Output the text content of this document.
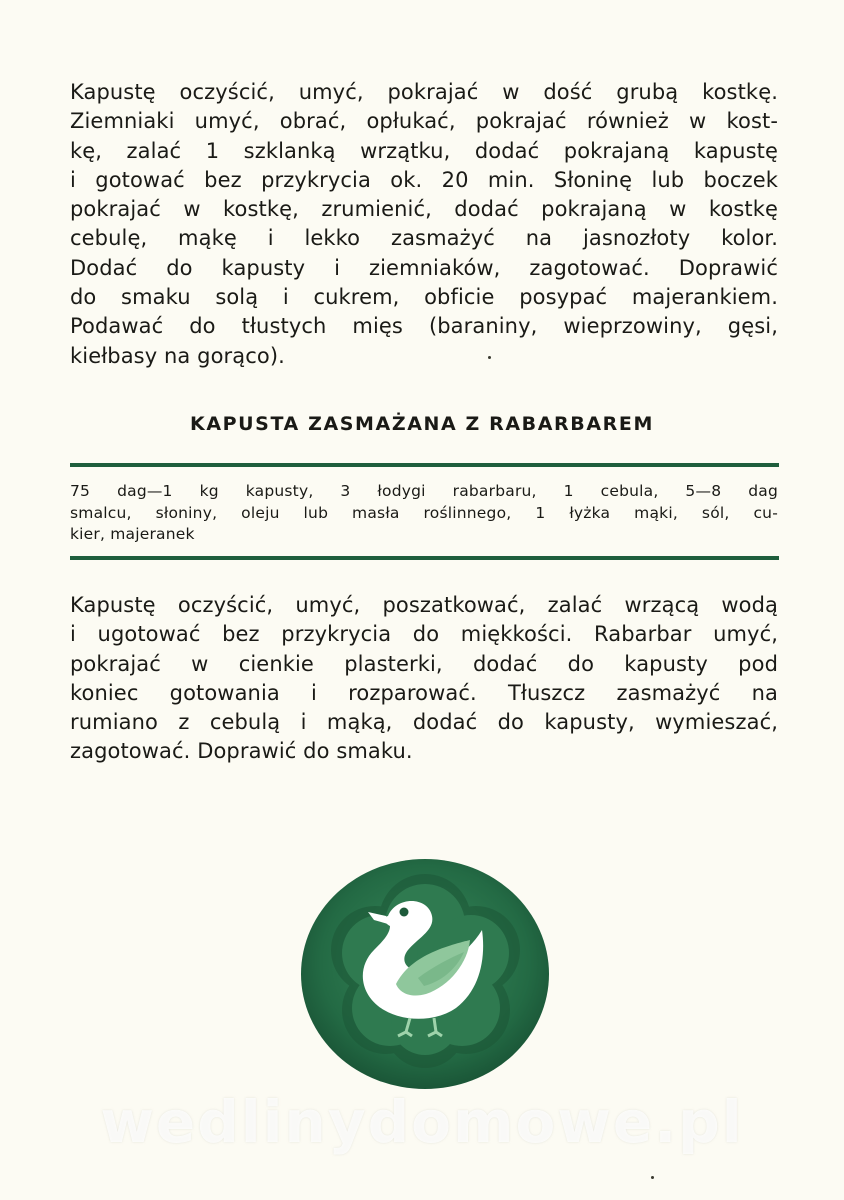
Kapustę oczyścić, umyć, pokrajać w dość grubą kostkę.
Ziemniaki umyć, obrać, opłukać, pokrajać również w kost-
kę, zalać 1 szklanką wrzątku, dodać pokrajaną kapustę
i gotować bez przykrycia ok. 20 min. Słoninę lub boczek
pokrajać w kostkę, zrumienić, dodać pokrajaną w kostkę
cebulę, mąkę i lekko zasmażyć na jasnozłoty kolor.
Dodać do kapusty i ziemniaków, zagotować. Doprawić
do smaku solą i cukrem, obficie posypać majerankiem.
Podawać do tłustych mięs (baraniny, wieprzowiny, gęsi,
kiełbasy na gorąco).

KAPUSTA ZASMAŻANA Z RABARBAREM

75 dag—1 kg kapusty, 3 łodygi rabarbaru, 1 cebula, 5—8 dag
smalcu, słoniny, oleju lub masła roślinnego, 1 łyżka mąki, sól, cu-
kier, majeranek

Kapustę oczyścić, umyć, poszatkować, zalać wrzącą wodą
i ugotować bez przykrycia do miękkości. Rabarbar umyć,
pokrajać w cienkie plasterki, dodać do kapusty pod
koniec gotowania i rozparować. Tłuszcz zasmażyć na
rumiano z cebulą i mąką, dodać do kapusty, wymieszać,
zagotować. Doprawić do smaku.

wedlinydomowe.pl
